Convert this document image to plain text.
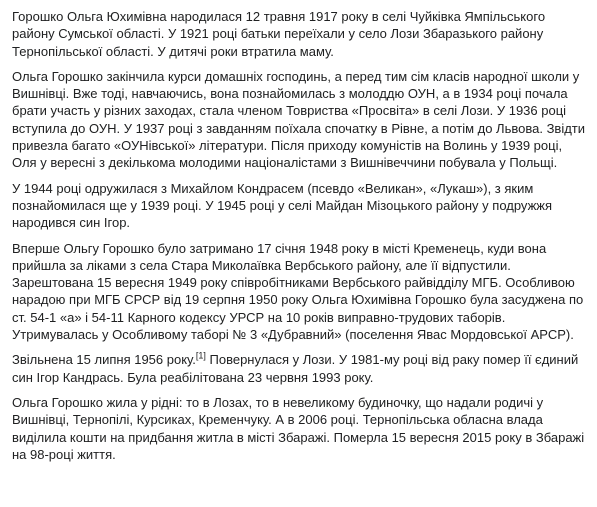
Горошко Ольга Юхимівна народилася 12 травня 1917 року в селі Чуйківка Ямпільського району Сумської області. У 1921 році батьки переїхали у село Лози Збаразького району Тернопільської області. У дитячі роки втратила маму.

Ольга Горошко закінчила курси домашніх господинь, а перед тим сім класів народної школи у Вишнівці. Вже тоді, навчаючись, вона познайомилась з молоддю ОУН, а в 1934 році почала брати участь у різних заходах, стала членом Товриства «Просвіта» в селі Лози. У 1936 році вступила до ОУН. У 1937 році з завданням поїхала спочатку в Рівне, а потім до Львова. Звідти привезла багато «ОУНівської» літератури. Після приходу комуністів на Волинь у 1939 році, Оля у вересні з декількома молодими націоналістами з Вишнівеччини побувала у Польщі.

У 1944 році одружилася з Михайлом Кондрасем (псевдо «Великан», «Лукаш»), з яким познайомилася ще у 1939 році. У 1945 році у селі Майдан Мізоцького району у подружжя народився син Ігор.

Вперше Ольгу Горошко було затримано 17 січня 1948 року в місті Кременець, куди вона прийшла за ліками з села Стара Миколаївка Вербського району, але її відпустили. Зарештована 15 вересня 1949 року співробітниками Вербського райвідділу МГБ. Особливою нарадою при МГБ СРСР від 19 серпня 1950 року Ольга Юхимівна Горошко була засуджена по ст. 54-1 «а» і 54-11 Карного кодексу УРСР на 10 років виправно-трудових таборів. Утримувалась у Особливому таборі № 3 «Дубравний» (поселення Явас Мордовської АРСР).

Звільнена 15 липня 1956 року.[1] Повернулася у Лози. У 1981-му році від раку помер її єдиний син Ігор Кандрась. Була реабілітована 23 червня 1993 року.

Ольга Горошко жила у рідні: то в Лозах, то в невеликому будиночку, що надали родичі у Вишнівці, Тернопілі, Курсиках, Кременчуку. А в 2006 році. Тернопільська обласна влада виділила кошти на придбання житла в місті Збаражі. Померла 15 вересня 2015 року в Збаражі на 98-році життя.
